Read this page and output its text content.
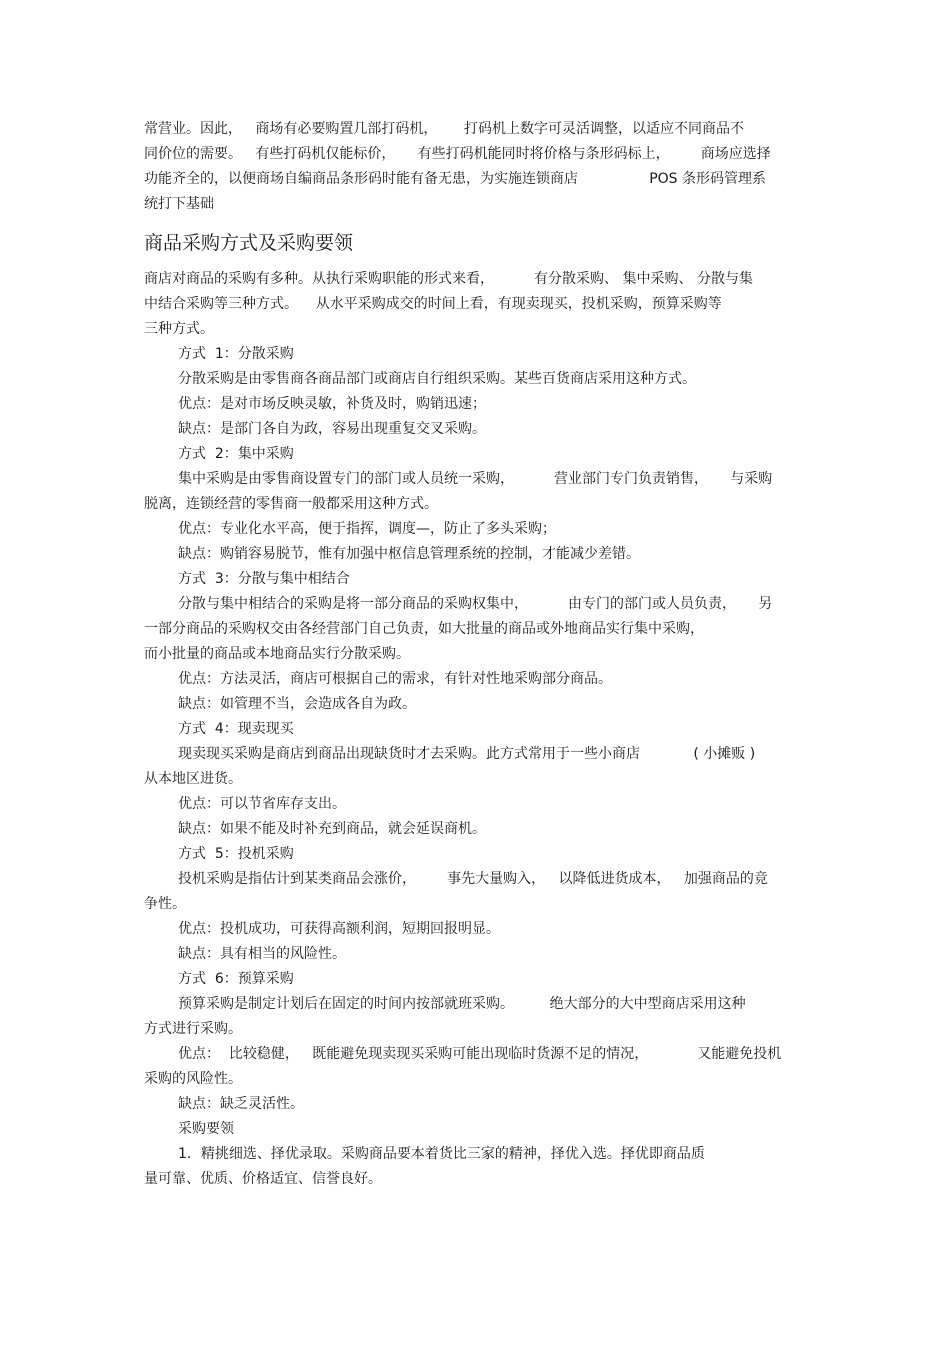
常营业。因此，   商场有必要购置几部打码机，      打码机上数字可灵活调整，以适应不同商品不
同价位的需要。   有些打码机仅能标价，     有些打码机能同时将价格与条形码标上，       商场应选择
功能齐全的，以便商场自编商品条形码时能有备无患，为实施连锁商店                POS 条形码管理系
统打下基础
商品采购方式及采购要领
商店对商品的采购有多种。从执行采购职能的形式来看，         有分散采购、 集中采购、 分散与集
中结合采购等三种方式。    从水平采购成交的时间上看，有现卖现买，投机采购，预算采购等
三种方式。
方式  1：分散采购
分散采购是由零售商各商品部门或商店自行组织采购。某些百货商店采用这种方式。
优点：是对市场反映灵敏，补货及时，购销迅速；
缺点：是部门各自为政，容易出现重复交叉采购。
方式  2：集中采购
集中采购是由零售商设置专门的部门或人员统一采购，         营业部门专门负责销售，     与采购
脱离，连锁经营的零售商一般都采用这种方式。
优点：专业化水平高，便于指挥，调度—，防止了多头采购；
缺点：购销容易脱节，惟有加强中枢信息管理系统的控制，才能减少差错。
方式  3：分散与集中相结合
分散与集中相结合的采购是将一部分商品的采购权集中，         由专门的部门或人员负责，     另
一部分商品的采购权交由各经营部门自己负责，如大批量的商品或外地商品实行集中采购，
而小批量的商品或本地商品实行分散采购。
优点：方法灵活，商店可根据自己的需求，有针对性地采购部分商品。
缺点：如管理不当，会造成各自为政。
方式  4：现卖现买
现卖现买采购是商店到商品出现缺货时才去采购。此方式常用于一些小商店            ( 小摊贩 )
从本地区进货。
优点：可以节省库存支出。
缺点：如果不能及时补充到商品，就会延误商机。
方式  5：投机采购
投机采购是指估计到某类商品会涨价，       事先大量购入，   以降低进货成本，   加强商品的竞
争性。
优点：投机成功，可获得高额利润，短期回报明显。
缺点：具有相当的风险性。
方式  6：预算采购
预算采购是制定计划后在固定的时间内按部就班采购。        绝大部分的大中型商店采用这种
方式进行采购。
优点：  比较稳健，   既能避免现卖现买采购可能出现临时货源不足的情况，           又能避免投机
采购的风险性。
缺点：缺乏灵活性。
采购要领
1．精挑细选、择优录取。采购商品要本着货比三家的精神，择优入选。择优即商品质
量可靠、优质、价格适宜、信誉良好。
